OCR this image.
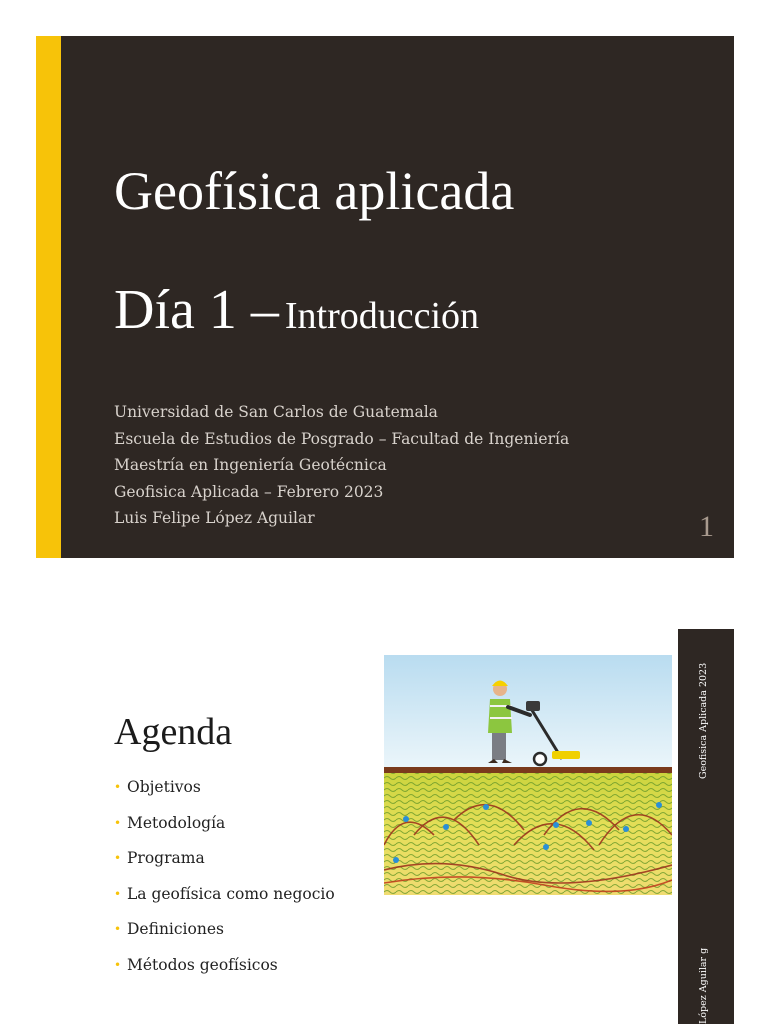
Geofísica aplicada
Día 1 – Introducción
Universidad de San Carlos de Guatemala
Escuela de Estudios de Posgrado – Facultad de Ingeniería
Maestría en Ingeniería Geotécnica
Geofisica Aplicada – Febrero 2023
Luis Felipe López Aguilar	1
Agenda
• Objetivos
• Metodología
• Programa
• La geofísica como negocio
• Definiciones
• Métodos geofísicos
Geofisica Aplicada 2023
López Aguilar g
